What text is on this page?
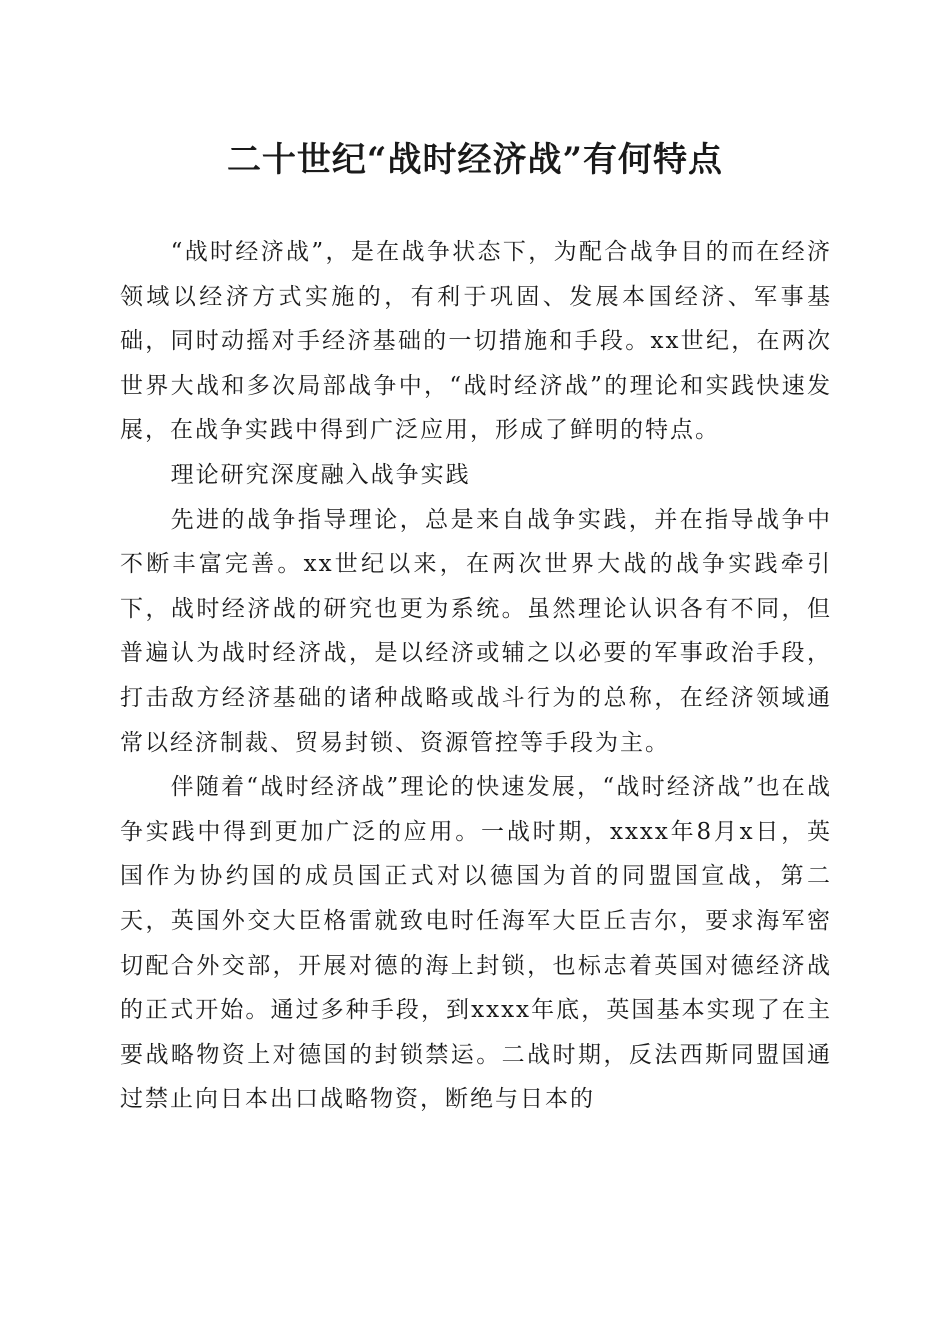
二十世纪“战时经济战”有何特点

“战时经济战”，是在战争状态下，为配合战争目的而在经济领域以经济方式实施的，有利于巩固、发展本国经济、军事基础，同时动摇对手经济基础的一切措施和手段。xx世纪，在两次世界大战和多次局部战争中，“战时经济战”的理论和实践快速发展，在战争实践中得到广泛应用，形成了鲜明的特点。

理论研究深度融入战争实践

先进的战争指导理论，总是来自战争实践，并在指导战争中不断丰富完善。xx世纪以来，在两次世界大战的战争实践牵引下，战时经济战的研究也更为系统。虽然理论认识各有不同，但普遍认为战时经济战，是以经济或辅之以必要的军事政治手段，打击敌方经济基础的诸种战略或战斗行为的总称，在经济领域通常以经济制裁、贸易封锁、资源管控等手段为主。

伴随着“战时经济战”理论的快速发展，“战时经济战”也在战争实践中得到更加广泛的应用。一战时期，xxxx年8月x日，英国作为协约国的成员国正式对以德国为首的同盟国宣战，第二天，英国外交大臣格雷就致电时任海军大臣丘吉尔，要求海军密切配合外交部，开展对德的海上封锁，也标志着英国对德经济战的正式开始。通过多种手段，到xxxx年底，英国基本实现了在主要战略物资上对德国的封锁禁运。二战时期，反法西斯同盟国通过禁止向日本出口战略物资，断绝与日本的
